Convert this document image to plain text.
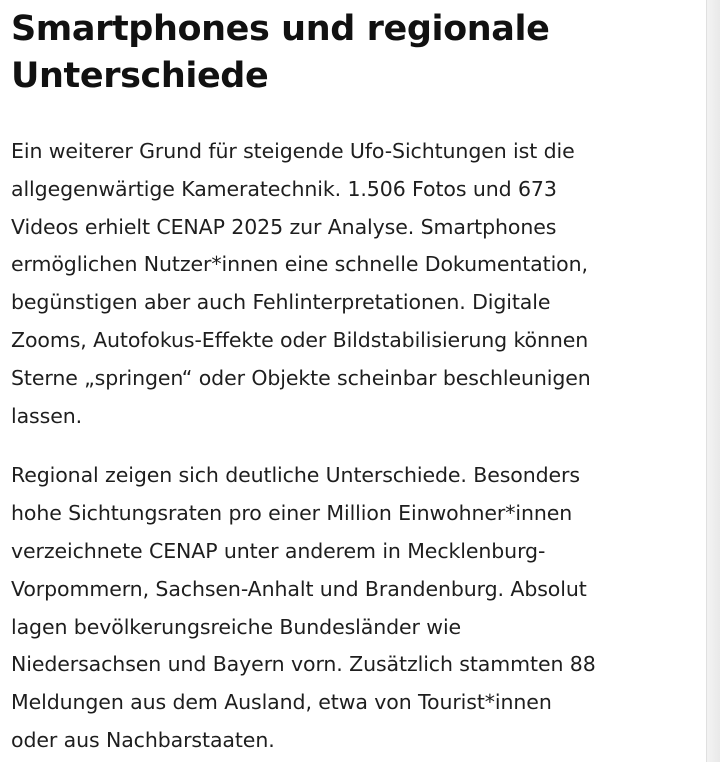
Smartphones und regionale
Unterschiede

Ein weiterer Grund für steigende Ufo-Sichtungen ist die
allgegenwärtige Kameratechnik. 1.506 Fotos und 673
Videos erhielt CENAP 2025 zur Analyse. Smartphones
ermöglichen Nutzer*innen eine schnelle Dokumentation,
begünstigen aber auch Fehlinterpretationen. Digitale
Zooms, Autofokus-Effekte oder Bildstabilisierung können
Sterne „springen“ oder Objekte scheinbar beschleunigen
lassen.

Regional zeigen sich deutliche Unterschiede. Besonders
hohe Sichtungsraten pro einer Million Einwohner*innen
verzeichnete CENAP unter anderem in Mecklenburg-
Vorpommern, Sachsen-Anhalt und Brandenburg. Absolut
lagen bevölkerungsreiche Bundesländer wie
Niedersachsen und Bayern vorn. Zusätzlich stammten 88
Meldungen aus dem Ausland, etwa von Tourist*innen
oder aus Nachbarstaaten.
